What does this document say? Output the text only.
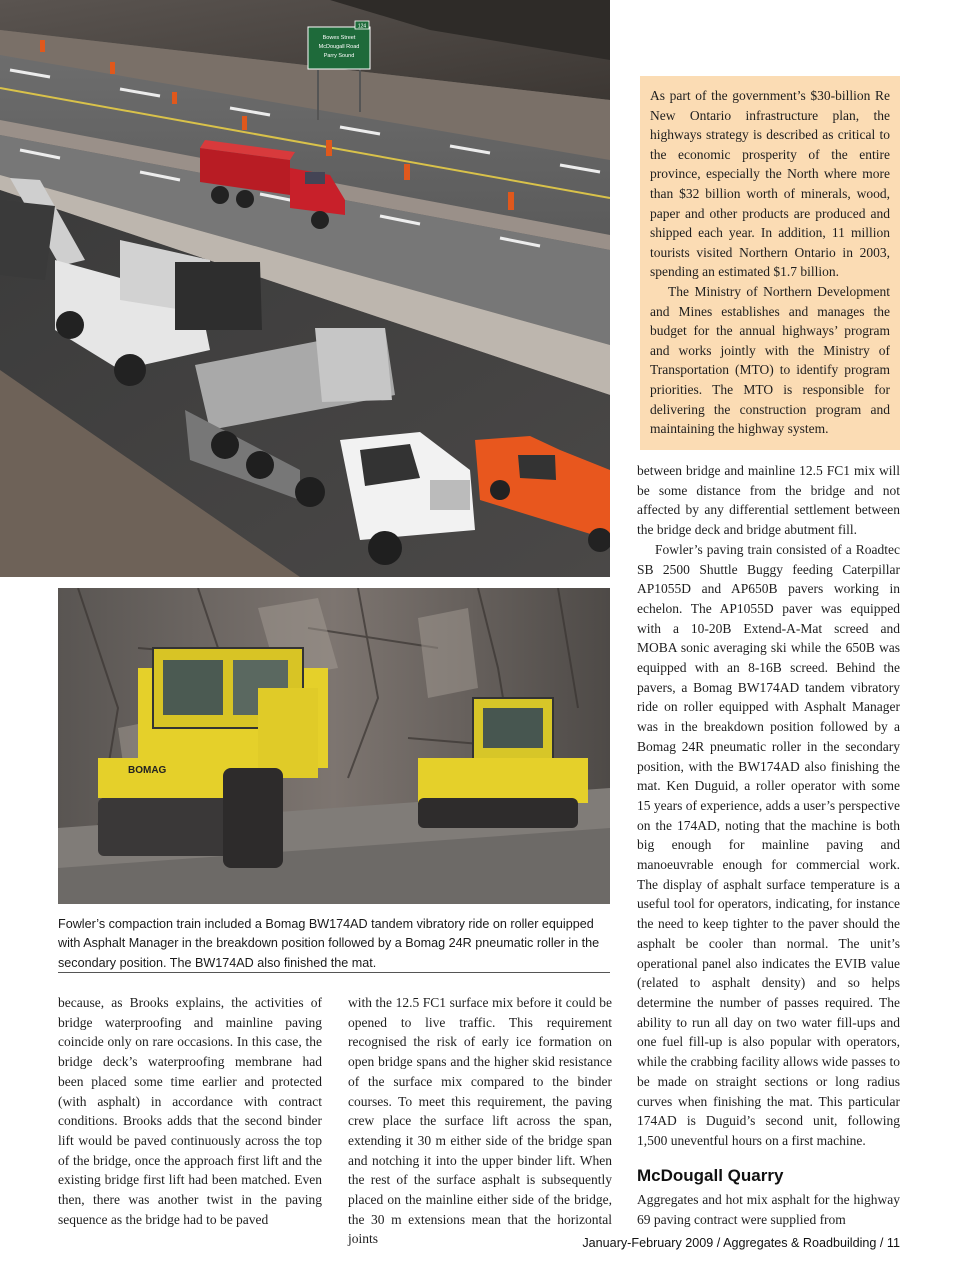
124
Bowes Street
McDougall Road
Parry Sound

As part of the government’s $30-billion Re New Ontario infrastructure plan, the highways strategy is described as critical to the economic prosperity of the entire province, especially the North where more than $32 billion worth of minerals, wood, paper and other products are produced and shipped each year. In addition, 11 million tourists visited Northern Ontario in 2003, spending an estimated $1.7 billion.

The Ministry of Northern Development and Mines establishes and manages the budget for the annual highways’ program and works jointly with the Ministry of Transportation (MTO) to identify program priorities. The MTO is responsible for delivering the construction program and maintaining the highway system.

BOMAG
Fowler’s compaction train included a Bomag BW174AD tandem vibratory ride on roller equipped with Asphalt Manager in the breakdown position followed by a Bomag 24R pneumatic roller in the secondary position. The BW174AD also finished the mat.

because, as Brooks explains, the activities of bridge waterproofing and mainline paving coincide only on rare occasions. In this case, the bridge deck’s waterproofing membrane had been placed some time earlier and protected (with asphalt) in accordance with contract conditions. Brooks adds that the second binder lift would be paved continuously across the top of the bridge, once the approach first lift and the existing bridge first lift had been matched. Even then, there was another twist in the paving sequence as the bridge had to be paved

with the 12.5 FC1 surface mix before it could be opened to live traffic. This requirement recognised the risk of early ice formation on open bridge spans and the higher skid resistance of the surface mix compared to the binder courses. To meet this requirement, the paving crew place the surface lift across the span, extending it 30 m either side of the bridge span and notching it into the upper binder lift. When the rest of the surface asphalt is subsequently placed on the mainline either side of the bridge, the 30 m extensions mean that the horizontal joints

between bridge and mainline 12.5 FC1 mix will be some distance from the bridge and not affected by any differential settlement between the bridge deck and bridge abutment fill.

Fowler’s paving train consisted of a Roadtec SB 2500 Shuttle Buggy feeding Caterpillar AP1055D and AP650B pavers working in echelon. The AP1055D paver was equipped with a 10-20B Extend-A-Mat screed and MOBA sonic averaging ski while the 650B was equipped with an 8-16B screed. Behind the pavers, a Bomag BW174AD tandem vibratory ride on roller equipped with Asphalt Manager was in the breakdown position followed by a Bomag 24R pneumatic roller in the secondary position, with the BW174AD also finishing the mat. Ken Duguid, a roller operator with some 15 years of experience, adds a user’s perspective on the 174AD, noting that the machine is both big enough for mainline paving and manoeuvrable enough for commercial work. The display of asphalt surface temperature is a useful tool for operators, indicating, for instance the need to keep tighter to the paver should the asphalt be cooler than normal. The unit’s operational panel also indicates the EVIB value (related to asphalt density) and so helps determine the number of passes required. The ability to run all day on two water fill-ups and one fuel fill-up is also popular with operators, while the crabbing facility allows wide passes to be made on straight sections or long radius curves when finishing the mat. This particular 174AD is Duguid’s second unit, following 1,500 uneventful hours on a first machine.

McDougall Quarry

Aggregates and hot mix asphalt for the highway 69 paving contract were supplied from

January-February 2009 / Aggregates & Roadbuilding / 11
